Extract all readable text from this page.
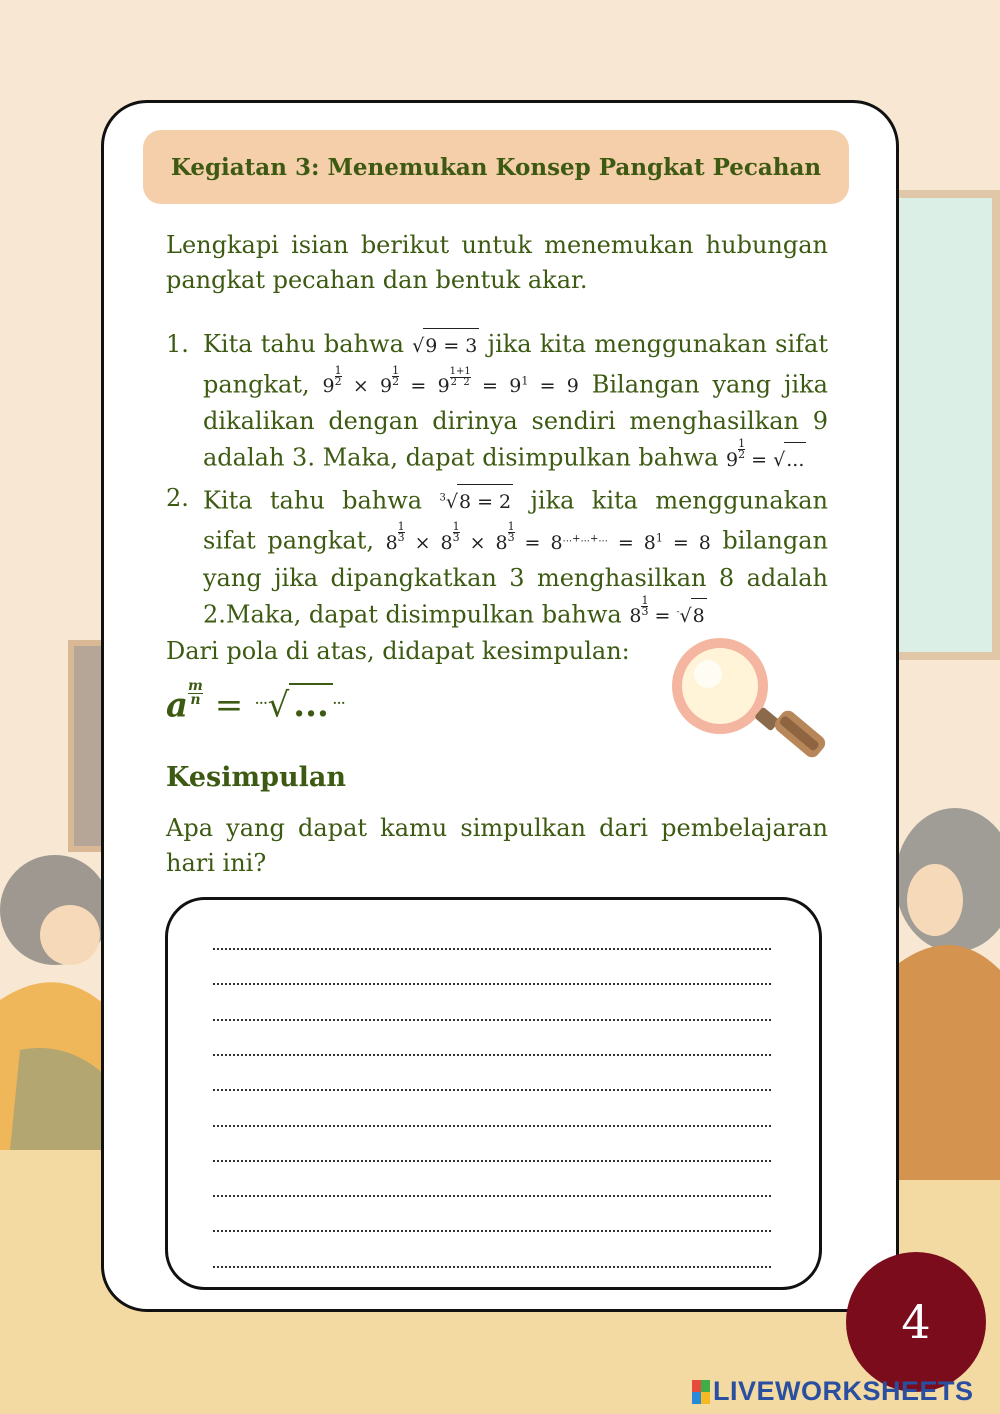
Kegiatan 3: Menemukan Konsep Pangkat Pecahan
Lengkapi isian berikut untuk menemukan hubungan pangkat pecahan dan bentuk akar.
1. Kita tahu bahwa √9 = 3 jika kita menggunakan sifat pangkat, $9 \frac{1}{2} \times 9 \frac{1}{2} = 9 \frac{1+1}{2 2} = 9^1 = 9$ Bilangan yang jika dikalikan dengan dirinya sendiri menghasilkan 9 adalah 3. Maka, dapat disimpulkan bahwa $9 \frac{1}{2}$ = √...
2. Kita tahu bahwa $^3$√8 = 2 jika kita menggunakan sifat pangkat, $8 \frac{1}{3} \times 8 \frac{1}{3} \times 8 \frac{1}{3} = 8^{...+...+...} = 8^1 = 8$ bilangan yang jika dipangkatkan 3 menghasilkan 8 adalah 2.Maka, dapat disimpulkan bahwa $8 \frac{1}{3} = ^-√8$
Dari pola di atas, didapat kesimpulan:
a $\frac{m}{n} = ^{...}√$ ... ...
Kesimpulan
Apa yang dapat kamu simpulkan dari pembelajaran hari ini?
4
LIVEWORKSHEETS
